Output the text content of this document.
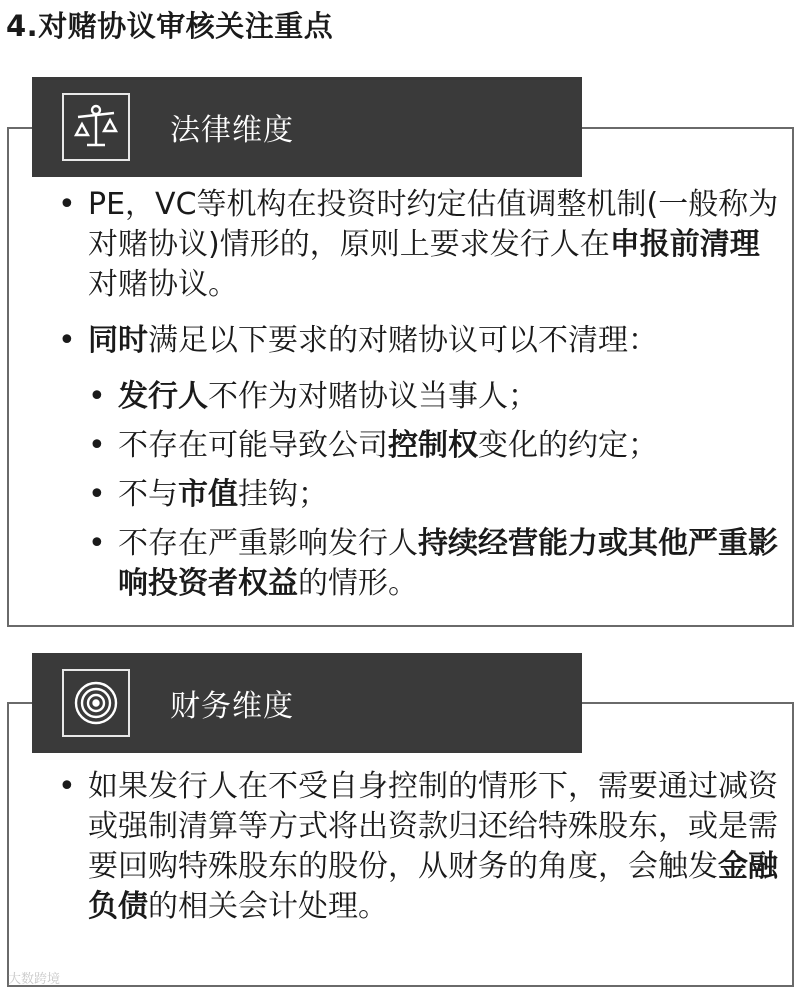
4.对赌协议审核关注重点
法律维度
• PE，VC等机构在投资时约定估值调整机制(一般称为对赌协议)情形的，原则上要求发行人在申报前清理对赌协议。
• 同时满足以下要求的对赌协议可以不清理：
• 发行人不作为对赌协议当事人；
• 不存在可能导致公司控制权变化的约定；
• 不与市值挂钩；
• 不存在严重影响发行人持续经营能力或其他严重影响投资者权益的情形。
财务维度
• 如果发行人在不受自身控制的情形下，需要通过减资或强制清算等方式将出资款归还给特殊股东，或是需要回购特殊股东的股份，从财务的角度，会触发金融负债的相关会计处理。
大数跨境
